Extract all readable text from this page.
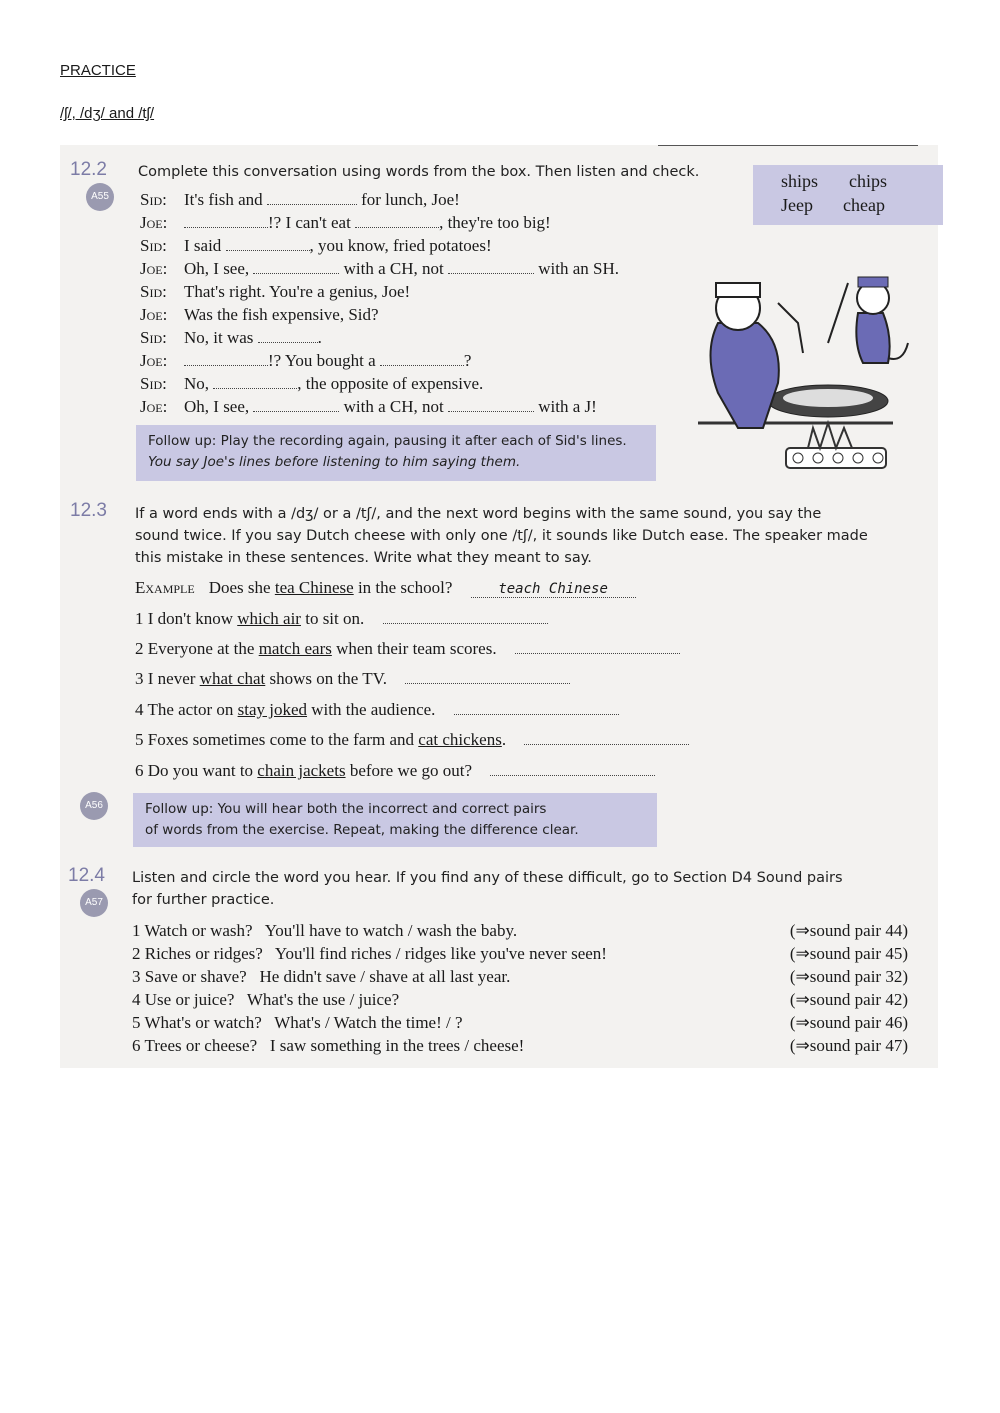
PRACTICE
/ʃ/, /dʒ/ and /tʃ/
12.2
A55
Complete this conversation using words from the box. Then listen and check.	ships chips
Jeep cheap
Sid: It's fish and	for lunch, Joe!
Joe:	!? I can't eat	, they're too big!
Sid: I said	, you know, fried potatoes!
Joe: Oh, I see,	with a CH, not	with an SH.
Sid: That's right. You're a genius, Joe!
Joe: Was the fish expensive, Sid?
Sid: No, it was	.
Joe:	!? You bought a	?
Sid: No,	, the opposite of expensive.
Joe: Oh, I see,	with a CH, not	with a J!
Follow up: Play the recording again, pausing it after each of Sid's lines.
You say Joe's lines before listening to him saying them.
12.3 If a word ends with a /dʒ/ or a /tʃ/, and the next word begins with the same sound, you say the
sound twice. If you say Dutch cheese with only one /tʃ/, it sounds like Dutch ease. The speaker made
this mistake in these sentences. Write what they meant to say.
Example Does she tea Chinese in the school?	teach Chinese
1 I don't know which air to sit on.
2 Everyone at the match ears when their team scores.
3 I never what chat shows on the TV.
4 The actor on stay joked with the audience.
5 Foxes sometimes come to the farm and cat chickens.
6 Do you want to chain jackets before we go out?
A56	Follow up: You will hear both the incorrect and correct pairs
of words from the exercise. Repeat, making the difference clear.
12.4
A57
Listen and circle the word you hear. If you find any of these difficult, go to Section D4 Sound pairs
for further practice.
1 Watch or wash? You'll have to watch / wash the baby.	(⇒sound pair 44)
2 Riches or ridges? You'll find riches / ridges like you've never seen!	(⇒sound pair 45)
3 Save or shave? He didn't save / shave at all last year.	(⇒sound pair 32)
4 Use or juice? What's the use / juice?	(⇒sound pair 42)
5 What's or watch? What's / Watch the time! / ?	(⇒sound pair 46)
6 Trees or cheese? I saw something in the trees / cheese!	(⇒sound pair 47)
